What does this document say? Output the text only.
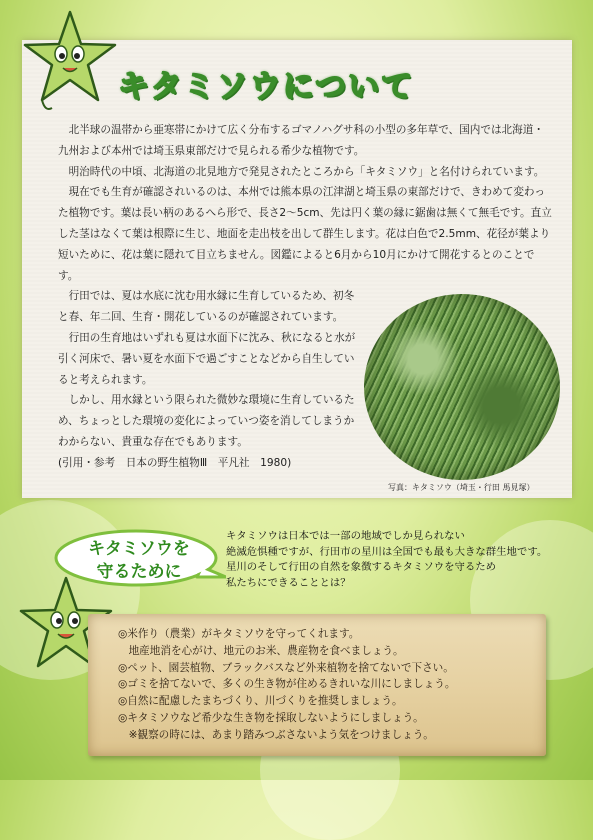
キタミソウについて

北半球の温帯から亜寒帯にかけて広く分布するゴマノハグサ科の小型の多年草で、国内では北海道・九州および本州では埼玉県東部だけで見られる希少な植物です。

明治時代の中頃、北海道の北見地方で発見されたところから「キタミソウ」と名付けられています。

現在でも生育が確認されいるのは、本州では熊本県の江津湖と埼玉県の東部だけで、きわめて変わった植物です。葉は長い柄のあるへら形で、長さ2～5cm、先は円く葉の縁に鋸歯は無くて無毛です。直立した茎はなくて葉は根際に生じ、地面を走出枝を出して群生します。花は白色で2.5mm、花径が葉より短いために、花は葉に隠れて目立ちません。図鑑によると6月から10月にかけて開花するとのことです。

行田では、夏は水底に沈む用水縁に生育しているため、初冬と春、年二回、生育・開花しているのが確認されています。

行田の生育地はいずれも夏は水面下に沈み、秋になると水が引く河床で、暑い夏を水面下で過ごすことなどから自生していると考えられます。

しかし、用水縁という限られた微妙な環境に生育しているため、ちょっとした環境の変化によっていつ姿を消してしまうかわからない、貴重な存在でもあります。

(引用・参考　日本の野生植物Ⅲ　平凡社　1980)

写真：キタミソウ（埼玉・行田 馬見塚）
キタミソウを
守るために
キタミソウは日本では一部の地域でしか見られない
絶滅危惧種ですが、行田市の星川は全国でも最も大きな群生地です。
星川のそして行田の自然を象徴するキタミソウを守るため
私たちにできることとは？
◎米作り（農業）がキタミソウを守ってくれます。
　地産地消を心がけ、地元のお米、農産物を食べましょう。
◎ペット、園芸植物、ブラックバスなど外来植物を捨てないで下さい。
◎ゴミを捨てないで、多くの生き物が住めるきれいな川にしましょう。
◎自然に配慮したまちづくり、川づくりを推奨しましょう。
◎キタミソウなど希少な生き物を採取しないようにしましょう。
　※観察の時には、あまり踏みつぶさないよう気をつけましょう。
